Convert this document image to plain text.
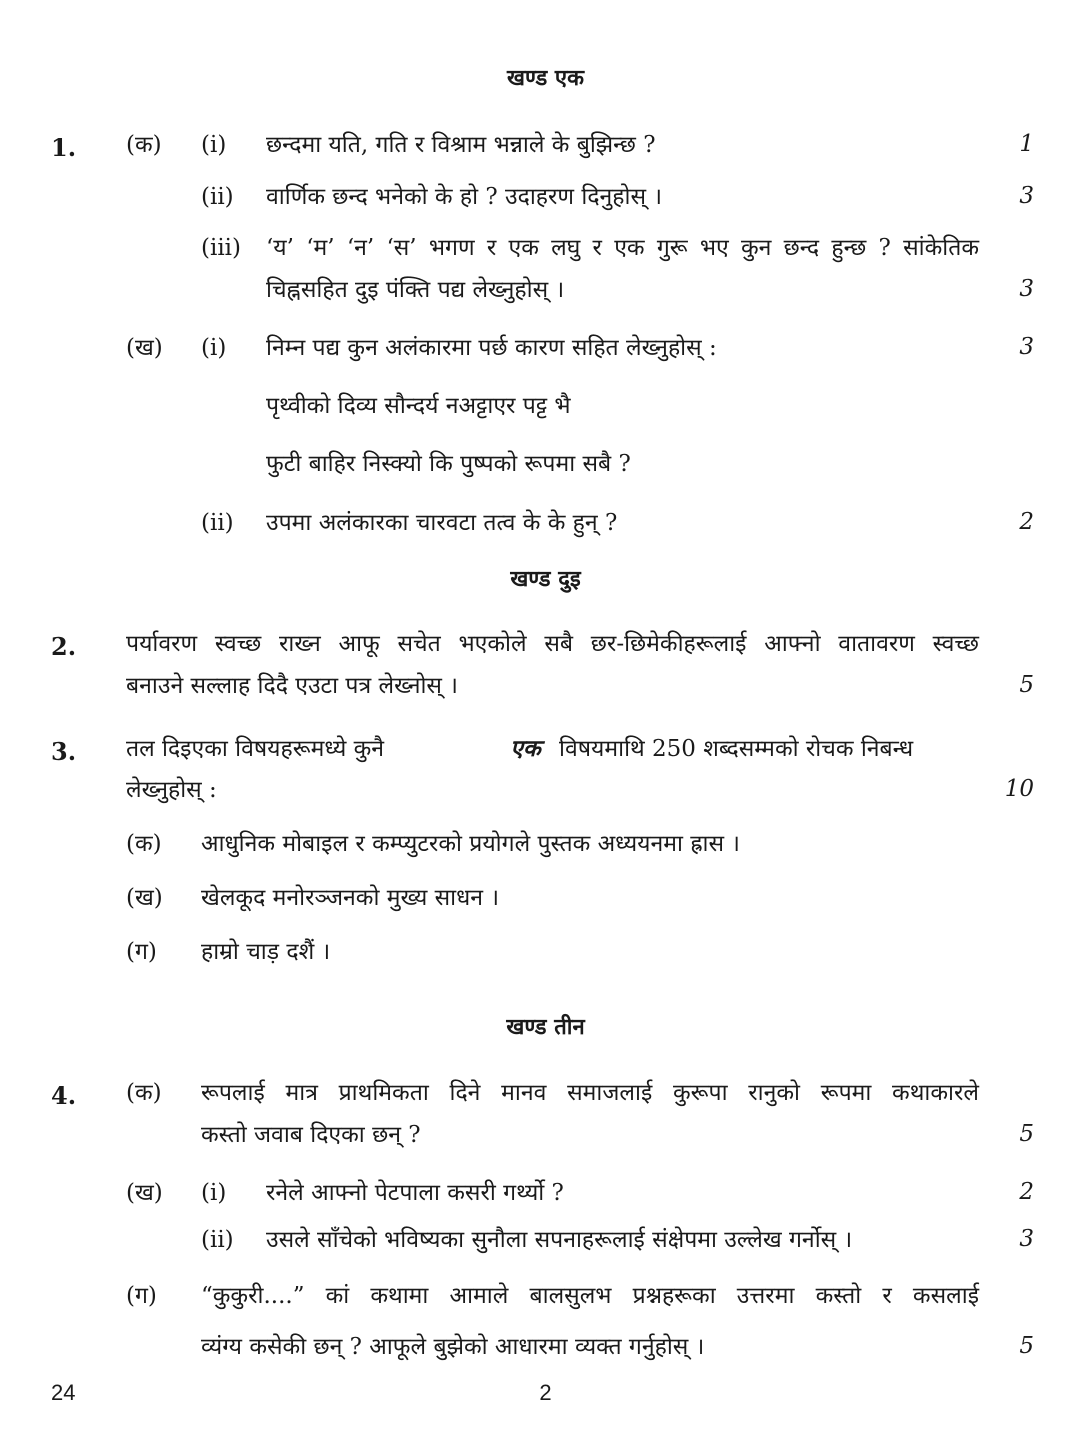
खण्ड एक
1. (क) (i) छन्दमा यति, गति र विश्राम भन्नाले के बुझिन्छ ?	1
(ii) वार्णिक छन्द भनेको के हो ? उदाहरण दिनुहोस् ।	3
(iii) ‘य’ ‘म’ ‘न’ ‘स’ भगण र एक लघु र एक गुरू भए कुन छन्द हुन्छ ? सांकेतिक
चिह्नसहित दुइ पंक्ति पद्य लेख्नुहोस् ।	3
(ख) (i) निम्न पद्य कुन अलंकारमा पर्छ कारण सहित लेख्नुहोस् :	3
पृथ्वीको दिव्य सौन्दर्य नअट्टाएर पट्ट भै
फुटी बाहिर निस्क्यो कि पुष्पको रूपमा सबै ?
(ii) उपमा अलंकारका चारवटा तत्व के के हुन् ?	2
खण्ड दुइ
2. पर्यावरण स्वच्छ राख्न आफू सचेत भएकोले सबै छर-छिमेकीहरूलाई आफ्नो वातावरण स्वच्छ
बनाउने सल्लाह दिदै एउटा पत्र लेख्नोस् ।	5
3. तल दिइएका विषयहरूमध्ये कुनै	एक विषयमाथि 250 शब्दसम्मको रोचक निबन्ध
लेख्नुहोस् :	10
(क) आधुनिक मोबाइल र कम्प्युटरको प्रयोगले पुस्तक अध्ययनमा ह्रास ।
(ख) खेलकूद मनोरञ्जनको मुख्य साधन ।
(ग) हाम्रो चाड़ दशैं ।
खण्ड तीन
4. (क) रूपलाई मात्र प्राथमिकता दिने मानव समाजलाई कुरूपा रानुको रूपमा कथाकारले
कस्तो जवाब दिएका छन् ?	5
(ख) (i) रनेले आफ्नो पेटपाला कसरी गर्थ्यो ?	2
(ii) उसले साँचेको भविष्यका सुनौला सपनाहरूलाई संक्षेपमा उल्लेख गर्नोस् ।	3
(ग) “कुकुरी....” कां कथामा आमाले बालसुलभ प्रश्नहरूका उत्तरमा कस्तो र कसलाई
व्यंग्य कसेकी छन् ? आफूले बुझेको आधारमा व्यक्त गर्नुहोस् ।	5
24	2
